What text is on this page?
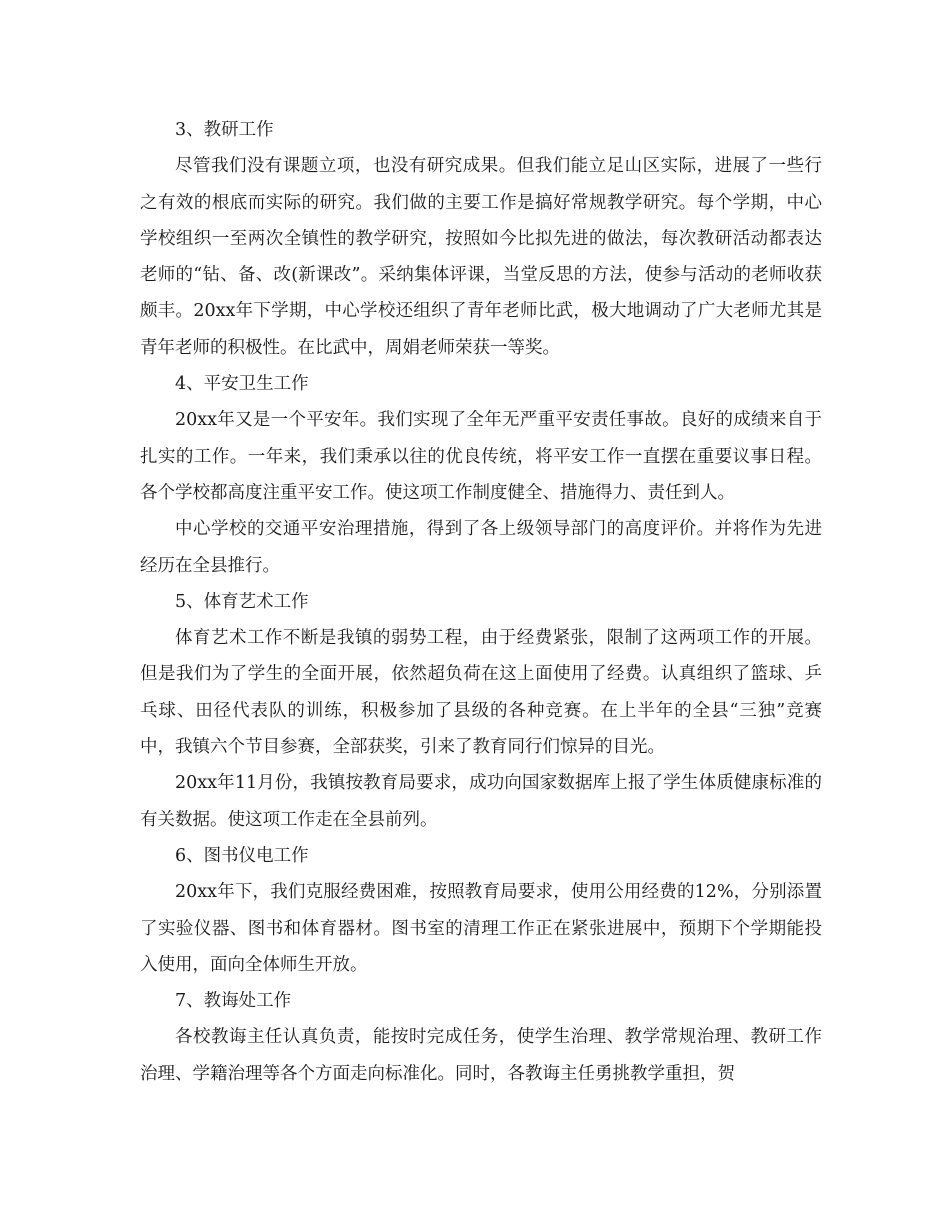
3、教研工作

尽管我们没有课题立项，也没有研究成果。但我们能立足山区实际，进展了一些行之有效的根底而实际的研究。我们做的主要工作是搞好常规教学研究。每个学期，中心学校组织一至两次全镇性的教学研究，按照如今比拟先进的做法，每次教研活动都表达老师的“钻、备、改(新课改”。采纳集体评课，当堂反思的方法，使参与活动的老师收获颇丰。20xx年下学期，中心学校还组织了青年老师比武，极大地调动了广大老师尤其是青年老师的积极性。在比武中，周娟老师荣获一等奖。

4、平安卫生工作

20xx年又是一个平安年。我们实现了全年无严重平安责任事故。良好的成绩来自于扎实的工作。一年来，我们秉承以往的优良传统，将平安工作一直摆在重要议事日程。各个学校都高度注重平安工作。使这项工作制度健全、措施得力、责任到人。

中心学校的交通平安治理措施，得到了各上级领导部门的高度评价。并将作为先进经历在全县推行。

5、体育艺术工作

体育艺术工作不断是我镇的弱势工程，由于经费紧张，限制了这两项工作的开展。但是我们为了学生的全面开展，依然超负荷在这上面使用了经费。认真组织了篮球、乒乓球、田径代表队的训练，积极参加了县级的各种竞赛。在上半年的全县“三独”竞赛中，我镇六个节目参赛，全部获奖，引来了教育同行们惊异的目光。

20xx年11月份，我镇按教育局要求，成功向国家数据库上报了学生体质健康标准的有关数据。使这项工作走在全县前列。

6、图书仪电工作

20xx年下，我们克服经费困难，按照教育局要求，使用公用经费的12%，分别添置了实验仪器、图书和体育器材。图书室的清理工作正在紧张进展中，预期下个学期能投入使用，面向全体师生开放。

7、教诲处工作

各校教诲主任认真负责，能按时完成任务，使学生治理、教学常规治理、教研工作治理、学籍治理等各个方面走向标准化。同时，各教诲主任勇挑教学重担，贺
